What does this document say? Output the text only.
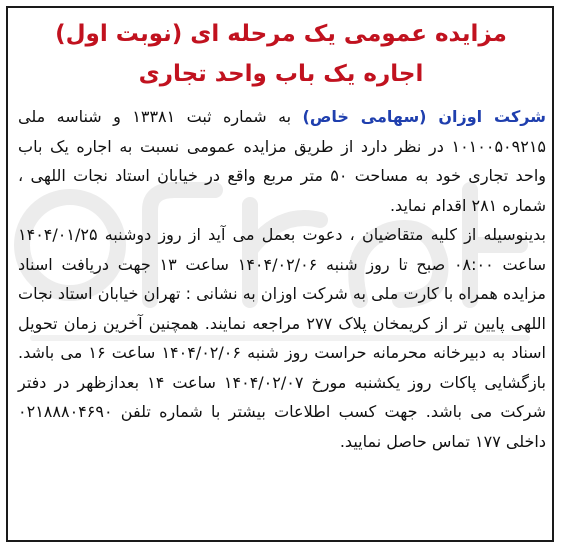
مزایده عمومی یک مرحله ای (نوبت اول)
اجاره یک باب واحد تجاری

شرکت اوزان (سهامی خاص) به شماره ثبت ۱۳۳۸۱ و شناسه ملی ۱۰۱۰۰۵۰۹۲۱۵ در نظر دارد از طریق مزایده عمومی نسبت به اجاره یک باب واحد تجاری خود به مساحت ۵۰ متر مربع واقع در خیابان استاد نجات اللهی ، شماره ۲۸۱ اقدام نماید.

بدینوسیله از کلیه متقاضیان ، دعوت بعمل می آید از روز دوشنبه ۱۴۰۴/۰۱/۲۵ ساعت ۰۸:۰۰ صبح تا روز شنبه ۱۴۰۴/۰۲/۰۶ ساعت ۱۳ جهت دریافت اسناد مزایده همراه با کارت ملی به شرکت اوزان به نشانی : تهران خیابان استاد نجات اللهی پایین تر از کریمخان پلاک ۲۷۷ مراجعه نمایند. همچنین آخرین زمان تحویل اسناد به دبیرخانه محرمانه حراست روز شنبه ۱۴۰۴/۰۲/۰۶ ساعت ۱۶ می باشد. بازگشایی پاکات روز یکشنبه مورخ ۱۴۰۴/۰۲/۰۷ ساعت ۱۴ بعدازظهر در دفتر شرکت می باشد. جهت کسب اطلاعات بیشتر با شماره تلفن ۰۲۱۸۸۸۰۴۶۹۰ داخلی ۱۷۷ تماس حاصل نمایید.
